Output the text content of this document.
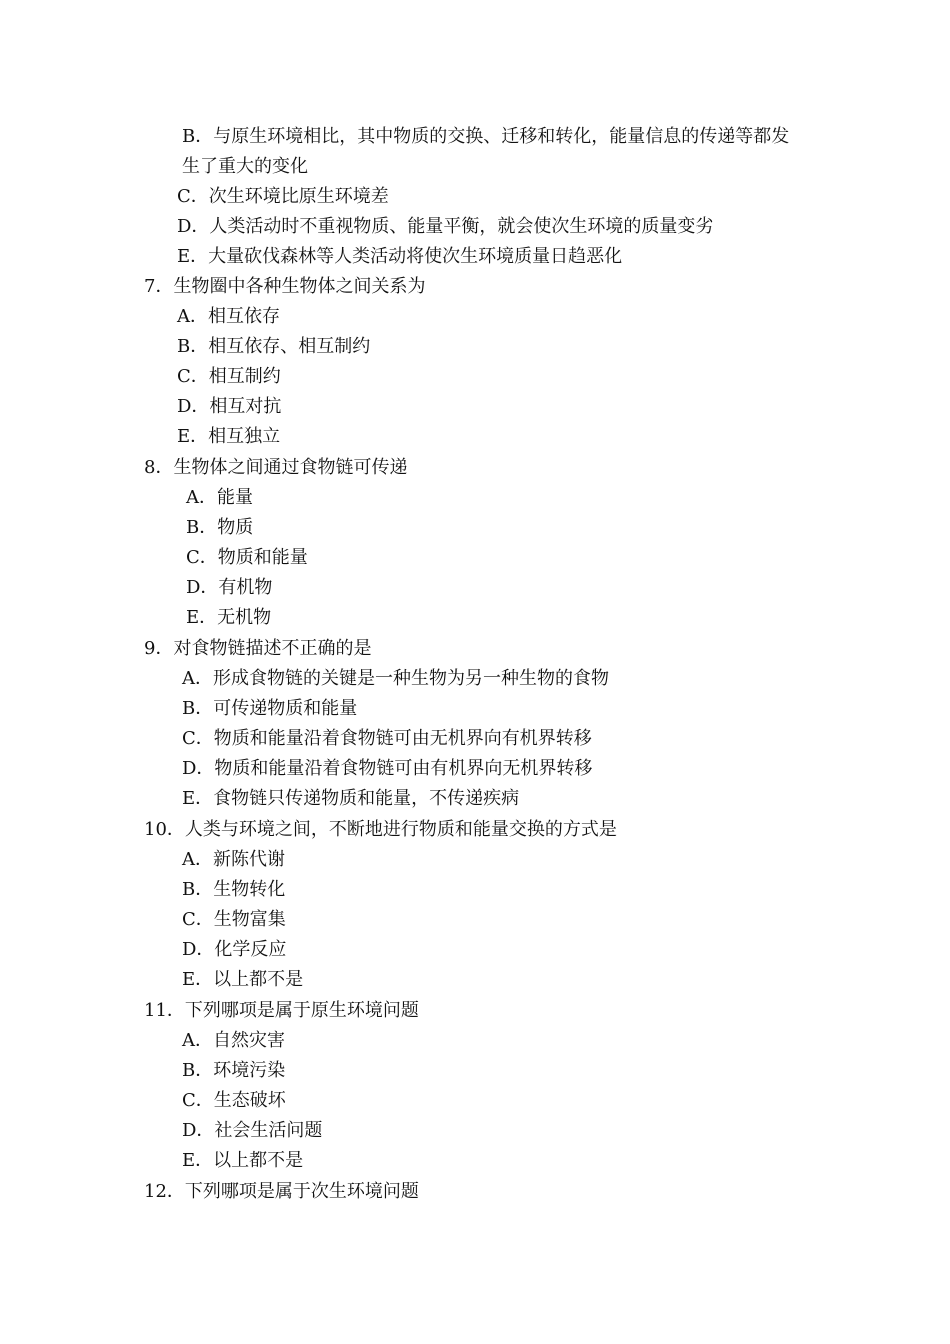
B．与原生环境相比，其中物质的交换、迁移和转化，能量信息的传递等都发
生了重大的变化
C．次生环境比原生环境差
D．人类活动时不重视物质、能量平衡，就会使次生环境的质量变劣
E．大量砍伐森林等人类活动将使次生环境质量日趋恶化
7．生物圈中各种生物体之间关系为
A．相互依存
B．相互依存、相互制约
C．相互制约
D．相互对抗
E．相互独立
8．生物体之间通过食物链可传递
A．能量
B．物质
C．物质和能量
D．有机物
E．无机物
9．对食物链描述不正确的是
A．形成食物链的关键是一种生物为另一种生物的食物
B．可传递物质和能量
C．物质和能量沿着食物链可由无机界向有机界转移
D．物质和能量沿着食物链可由有机界向无机界转移
E．食物链只传递物质和能量，不传递疾病
10．人类与环境之间，不断地进行物质和能量交换的方式是
A．新陈代谢
B．生物转化
C．生物富集
D．化学反应
E．以上都不是
11．下列哪项是属于原生环境问题
A．自然灾害
B．环境污染
C．生态破坏
D．社会生活问题
E．以上都不是
12．下列哪项是属于次生环境问题
